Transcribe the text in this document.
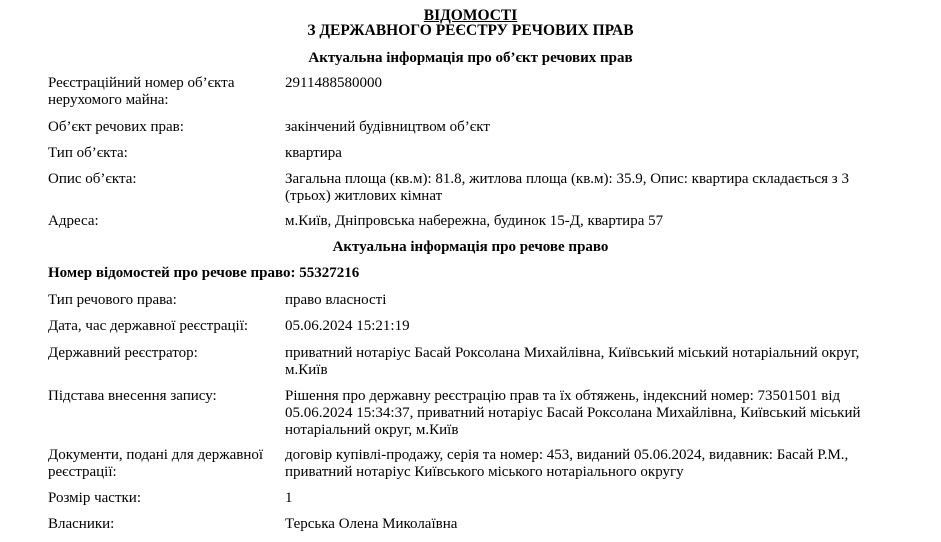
ВІДОМОСТІ
З ДЕРЖАВНОГО РЕЄСТРУ РЕЧОВИХ ПРАВ
Актуальна інформація про об’єкт речових прав
Реєстраційний номер об’єкта нерухомого майна:
2911488580000
Об’єкт речових прав:	закінчений будівництвом об’єкт
Тип об’єкта:	квартира
Опис об’єкта:	Загальна площа (кв.м): 81.8, житлова площа (кв.м): 35.9, Опис: квартира складається з 3 (трьох) житлових кімнат
Адреса:	м.Київ, Дніпровська набережна, будинок 15-Д, квартира 57
Актуальна інформація про речове право
Номер відомостей про речове право: 55327216
Тип речового права:	право власності
Дата, час державної реєстрації:	05.06.2024 15:21:19
Державний реєстратор:	приватний нотаріус Басай Роксолана Михайлівна, Київський міський нотаріальний округ, м.Київ
Підстава внесення запису:	Рішення про державну реєстрацію прав та їх обтяжень, індексний номер: 73501501 від 05.06.2024 15:34:37, приватний нотаріус Басай Роксолана Михайлівна, Київський міський нотаріальний округ, м.Київ
Документи, подані для державної реєстрації:
договір купівлі-продажу, серія та номер: 453, виданий 05.06.2024, видавник: Басай Р.М., приватний нотаріус Київського міського нотаріального округу
Розмір частки:	1
Власники:	Терська Олена Миколаївна
